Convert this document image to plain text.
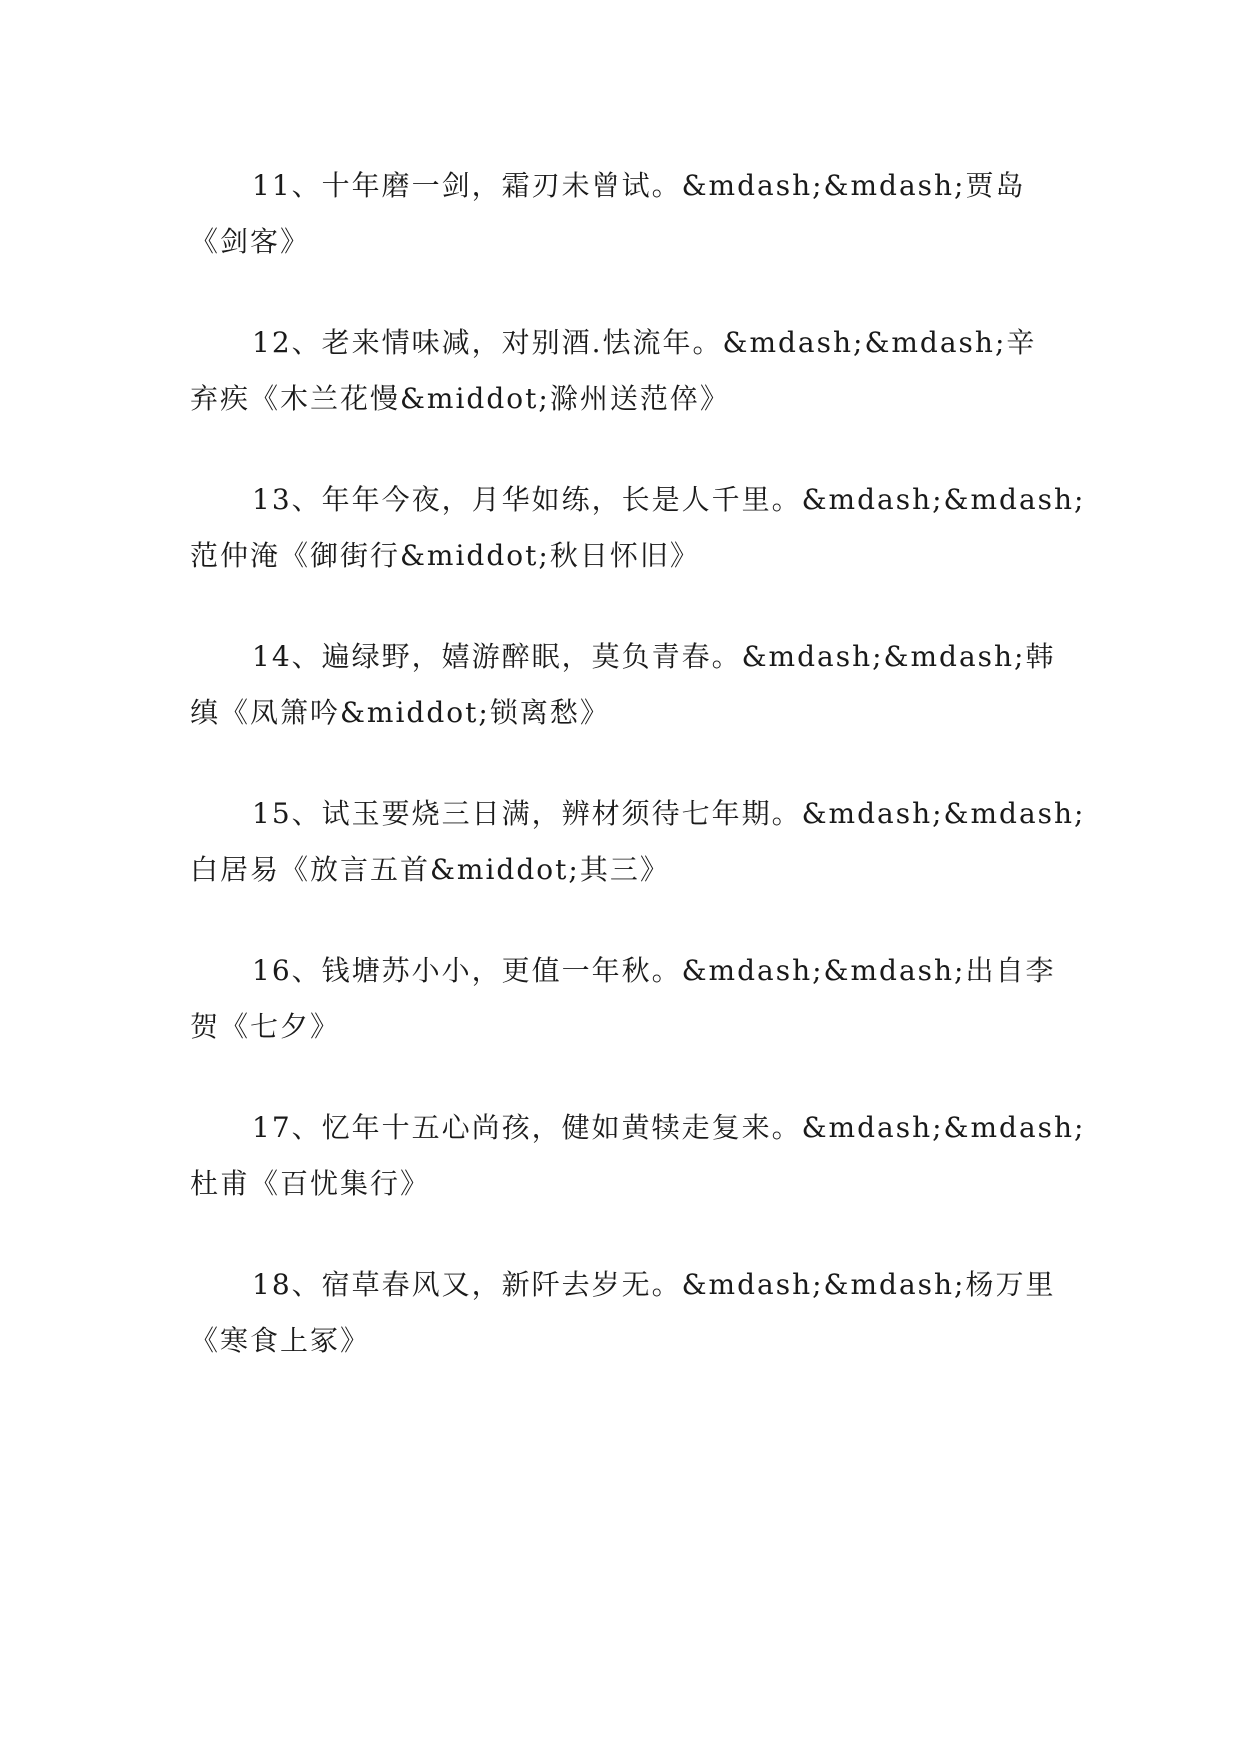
11、十年磨一剑，霜刃未曾试。&mdash;&mdash;贾岛
《剑客》
12、老来情味减，对别酒.怯流年。&mdash;&mdash;辛
弃疾《木兰花慢&middot;滁州送范倅》
13、年年今夜，月华如练，长是人千里。&mdash;&mdash;
范仲淹《御街行&middot;秋日怀旧》
14、遍绿野，嬉游醉眠，莫负青春。&mdash;&mdash;韩
缜《凤箫吟&middot;锁离愁》
15、试玉要烧三日满，辨材须待七年期。&mdash;&mdash;
白居易《放言五首&middot;其三》
16、钱塘苏小小，更值一年秋。&mdash;&mdash;出自李
贺《七夕》
17、忆年十五心尚孩，健如黄犊走复来。&mdash;&mdash;
杜甫《百忧集行》
18、宿草春风又，新阡去岁无。&mdash;&mdash;杨万里
《寒食上冢》
